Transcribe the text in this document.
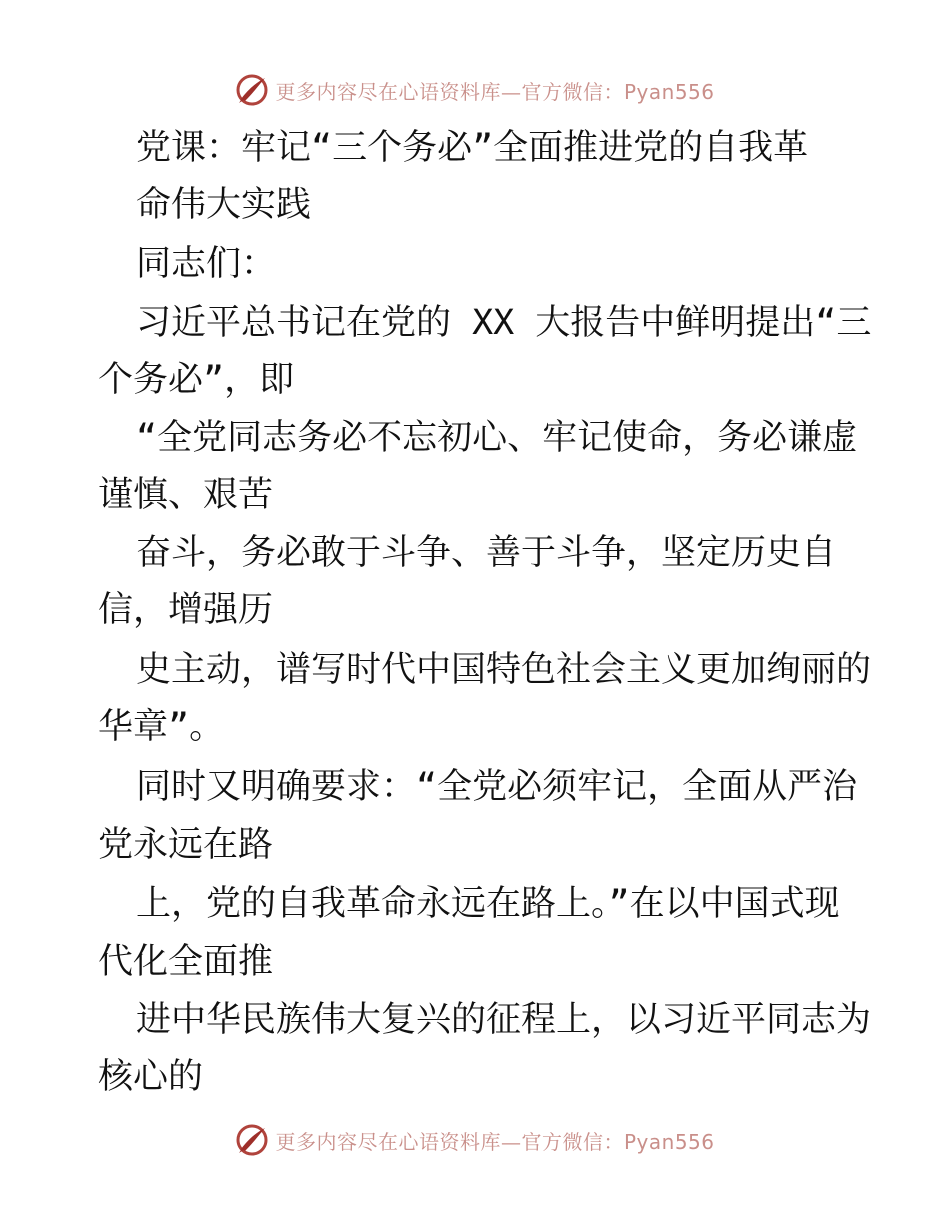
更多内容尽在心语资料库—官方微信：Pyan556
党课：牢记“三个务必”全面推进党的自我革
命伟大实践
同志们：
习近平总书记在党的 XX 大报告中鲜明提出“三
个务必”，即
“全党同志务必不忘初心、牢记使命，务必谦虚
谨慎、艰苦
奋斗，务必敢于斗争、善于斗争，坚定历史自
信，增强历
史主动，谱写时代中国特色社会主义更加绚丽的
华章”。
同时又明确要求：“全党必须牢记，全面从严治
党永远在路
上，党的自我革命永远在路上。”在以中国式现
代化全面推
进中华民族伟大复兴的征程上，以习近平同志为
核心的
更多内容尽在心语资料库—官方微信：Pyan556
